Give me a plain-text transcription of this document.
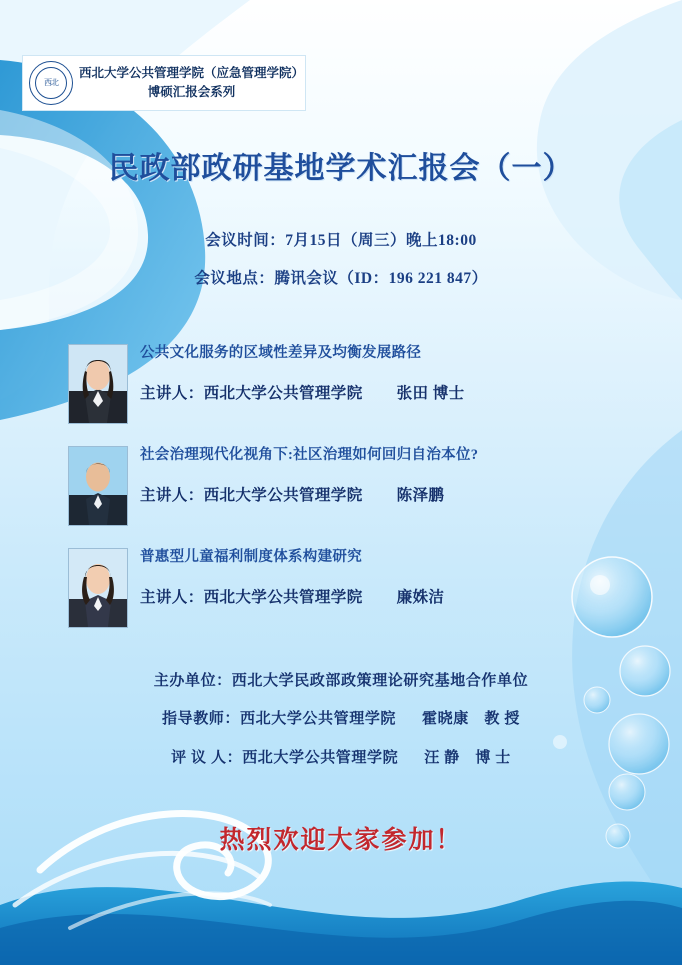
西北
西北大学公共管理学院（应急管理学院）
博硕汇报会系列
民政部政研基地学术汇报会（一）
会议时间：7月15日（周三）晚上18:00
会议地点：腾讯会议（ID：196 221 847）
公共文化服务的区域性差异及均衡发展路径
主讲人：西北大学公共管理学院 张田 博士
社会治理现代化视角下:社区治理如何回归自治本位?
主讲人：西北大学公共管理学院 陈泽鹏
普惠型儿童福利制度体系构建研究
主讲人：西北大学公共管理学院 廉姝洁
主办单位：西北大学民政部政策理论研究基地合作单位
指导教师：西北大学公共管理学院 霍晓康　教 授
评 议 人：西北大学公共管理学院 汪 静　博 士
热烈欢迎大家参加！
